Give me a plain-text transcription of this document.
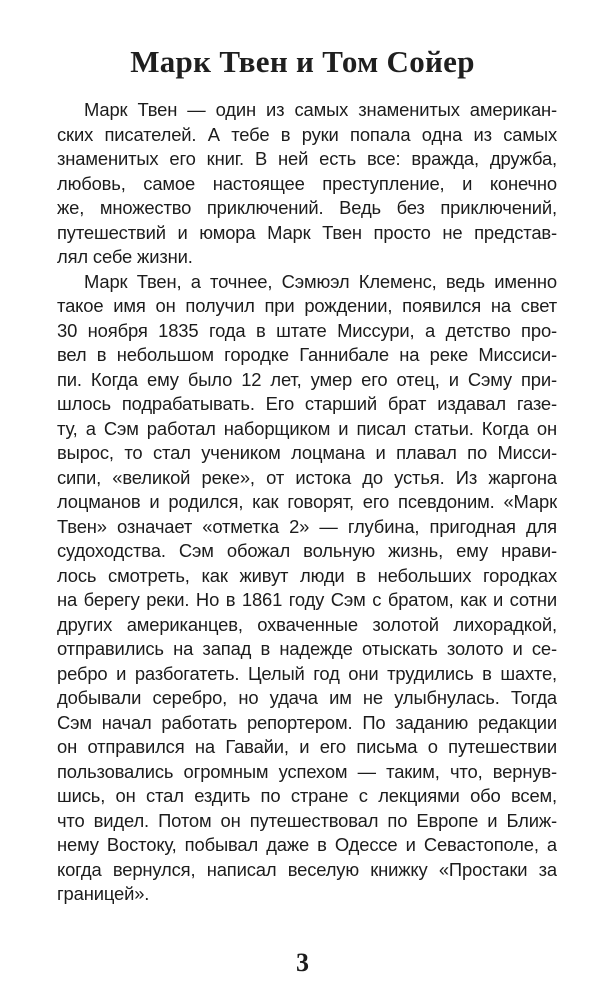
Марк Твен и Том Сойер
Марк Твен — один из самых знаменитых американ-
ских писателей. А тебе в руки попала одна из самых
знаменитых его книг. В ней есть все: вражда, дружба,
любовь, самое настоящее преступление, и конечно
же, множество приключений. Ведь без приключений,
путешествий и юмора Марк Твен просто не представ-
лял себе жизни.
Марк Твен, а точнее, Сэмюэл Клеменс, ведь именно
такое имя он получил при рождении, появился на свет
30 ноября 1835 года в штате Миссури, а детство про-
вел в небольшом городке Ганнибале на реке Миссиси-
пи. Когда ему было 12 лет, умер его отец, и Сэму при-
шлось подрабатывать. Его старший брат издавал газе-
ту, а Сэм работал наборщиком и писал статьи. Когда он
вырос, то стал учеником лоцмана и плавал по Мисси-
сипи, «великой реке», от истока до устья. Из жаргона
лоцманов и родился, как говорят, его псевдоним. «Марк
Твен» означает «отметка 2» — глубина, пригодная для
судоходства. Сэм обожал вольную жизнь, ему нрави-
лось смотреть, как живут люди в небольших городках
на берегу реки. Но в 1861 году Сэм с братом, как и сотни
других американцев, охваченные золотой лихорадкой,
отправились на запад в надежде отыскать золото и се-
ребро и разбогатеть. Целый год они трудились в шахте,
добывали серебро, но удача им не улыбнулась. Тогда
Сэм начал работать репортером. По заданию редакции
он отправился на Гавайи, и его письма о путешествии
пользовались огромным успехом — таким, что, вернув-
шись, он стал ездить по стране с лекциями обо всем,
что видел. Потом он путешествовал по Европе и Ближ-
нему Востоку, побывал даже в Одессе и Севастополе, а
когда вернулся, написал веселую книжку «Простаки за
границей».
3
